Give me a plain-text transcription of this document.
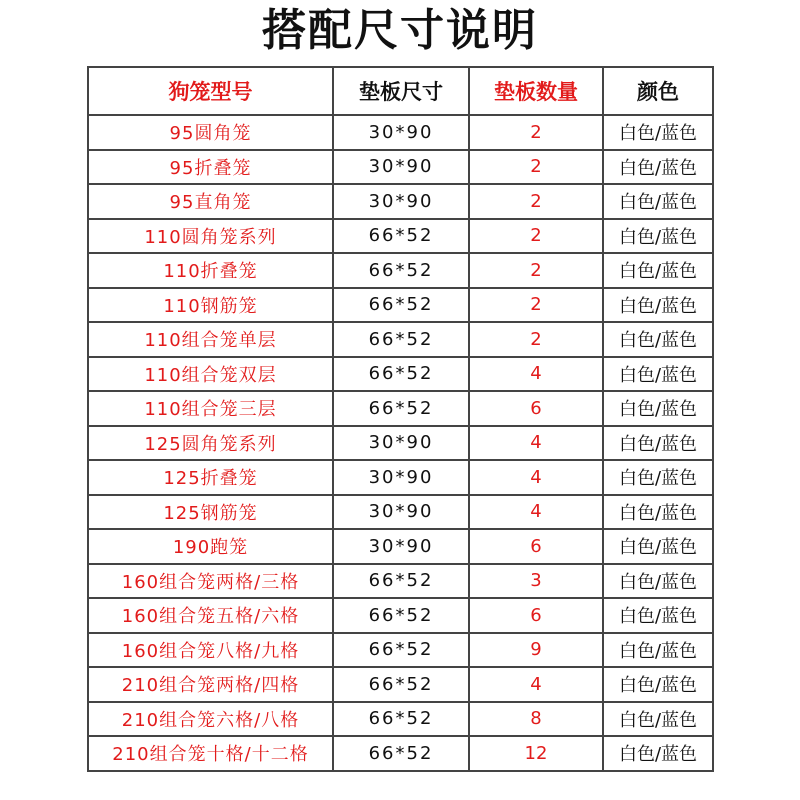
搭配尺寸说明
狗笼型号	垫板尺寸	垫板数量	颜色
95圆角笼	30*90	2	白色/蓝色
95折叠笼	30*90	2	白色/蓝色
95直角笼	30*90	2	白色/蓝色
110圆角笼系列	66*52	2	白色/蓝色
110折叠笼	66*52	2	白色/蓝色
110钢筋笼	66*52	2	白色/蓝色
110组合笼单层	66*52	2	白色/蓝色
110组合笼双层	66*52	4	白色/蓝色
110组合笼三层	66*52	6	白色/蓝色
125圆角笼系列	30*90	4	白色/蓝色
125折叠笼	30*90	4	白色/蓝色
125钢筋笼	30*90	4	白色/蓝色
190跑笼	30*90	6	白色/蓝色
160组合笼两格/三格	66*52	3	白色/蓝色
160组合笼五格/六格	66*52	6	白色/蓝色
160组合笼八格/九格	66*52	9	白色/蓝色
210组合笼两格/四格	66*52	4	白色/蓝色
210组合笼六格/八格	66*52	8	白色/蓝色
210组合笼十格/十二格	66*52	12	白色/蓝色
